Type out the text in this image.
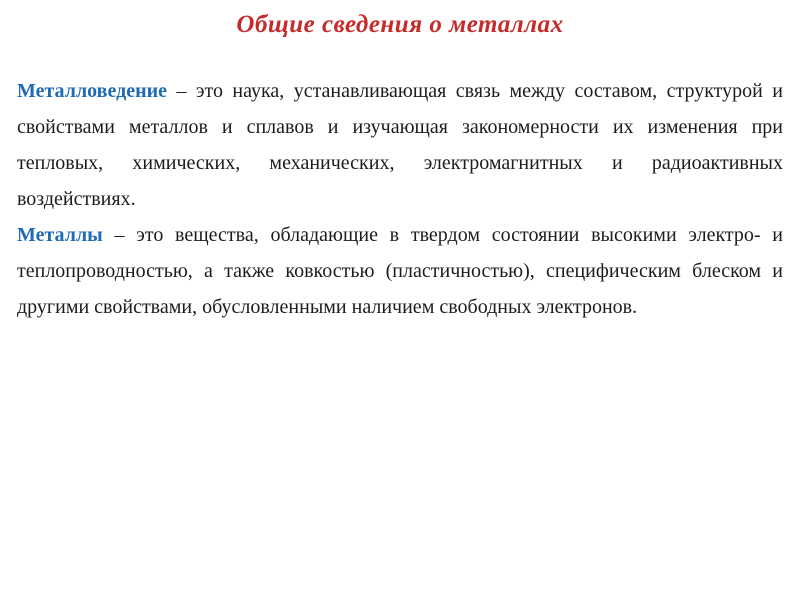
Общие сведения о металлах

Металловедение – это наука, устанавливающая связь между составом, структурой и свойствами металлов и сплавов и изучающая закономерности их изменения при тепловых, химических, механических, электромагнитных и радиоактивных воздействиях.

Металлы – это вещества, обладающие в твердом состоянии высокими электро- и теплопроводностью, а также ковкостью (пластичностью), специфическим блеском и другими свойствами, обусловленными наличием свободных электронов.
